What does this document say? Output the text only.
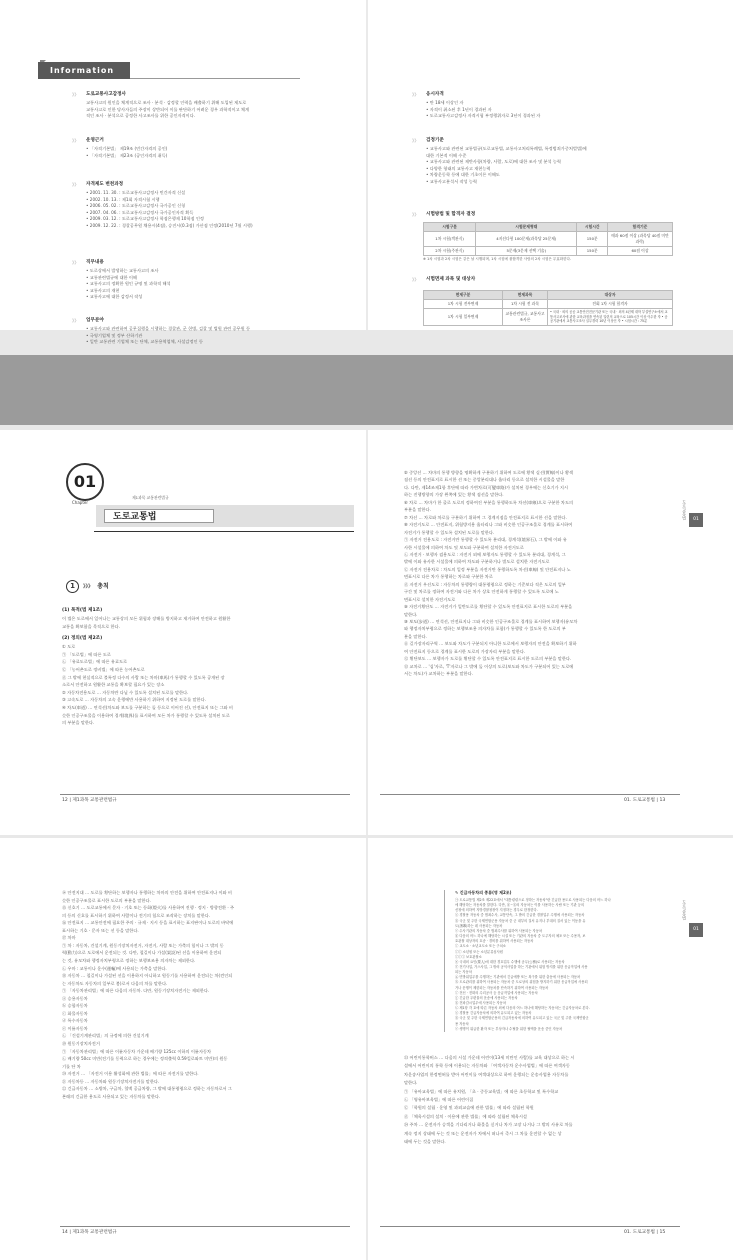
Information
》》 도로교통사고감정사
교통사고의 원인을 체계적으로 조사 · 분석 · 감정할 인력을 배출하기 위해 도입된 제도로
교통사고로 인한 당사자들의 주장이 상반되어 이를 판단하기 어려운 경우 과학적이고 체계
적인 조사 · 분석으로 공정한 사고조사를 위한 공인자격이다.
》》 운영근거
• 「자격기본법」 제19조 (민간자격의 공인)
• 「자격기본법」 제23조 (공인자격의 취득)
》》 자격제도 변천과정
• 2001. 11. 30. : 도로교통사고감정사 민간자격 신설
• 2002. 10. 13. : 제1회 자격시험 시행
• 2006. 05. 02. : 도로교통사고감정사 국가공인 신청
• 2007. 04. 06. : 도로교통사고감정사 국가공인자격 획득
• 2009. 03. 12. : 도로교통사고감정사 학점은행제 10학점 인정
• 2009. 12. 22. : 경찰공무원 채용시(4점), 승진시(0.3점) 가산점 인정(2010년 7월 시행)
》》 직무내용
• 도로상에서 발생하는 교통사고의 조사
• 교통관련법규에 대한 이해
• 교통사고의 정확한 원인 규명 및 과학적 해석
• 교통사고의 재현
• 교통사고에 대한 감정서 작성
》》 업무분야
• 교통사고와 관련하여 공무집행을 시행하는 경찰관, 군 헌병, 검찰 및 법원 관련 공무원 등
• 국영기업체 및 정부 산하기관
• 일반 교통관련 기업체 또는 단체, 교통용역업체, 사설감정인 등
》》 응시자격
• 만 18세 이상인 자
• 자격이 취소된 후 1년이 경과된 자
• 도로교통사고감정사 자격시험 부정행위자로 3년이 경과된 자
》》 검정기준
• 교통사고와 관련된 교통법규(도로교통법, 교통사고처리특례법, 특정범죄가중처벌법)에
대한 기본적 이해 수준
• 교통사고와 관련된 제반사항(차량, 사람, 도로)에 대한 조사 및 분석 능력
• 다양한 형태의 교통사고 재현능력
• 차량운동학 등에 대한 기초이론 이해도
• 교통사고분석서 작성 능력
》》 시험방법 및 합격자 결정
》》 시험면제 과목 및 대상자
시험구분	시험문제형태	시험시간	합격기준
1차 시험(객관식)	4지선다형 100문제(과목당 25문제)	150분	매과 60점 이상 (과목당 40점 미만 과락)
2차 시험(주관식)	5문제(3문제 선택 기술)	150분	60점 이상
※ 1차 시험과 2차 시험은 같은 날 시행되며, 1차 시험에 불합격한 사람의 2차 시험은 무효화한다.
면제구분	면제과목	대상자
1차 시험 전부면제	1차 시험 전 과목	전회 1차 시험 합격자
1차 시험 일부면제	교통관련법규, 교통사고조사론	• 국내 · 외의 공공 교통안전전문기관 또는 국내 · 외의 4년제 대학 부설연구소에서 교통사고조사에 관한 교육과정을 연속된 일련의 교육으로 105시간 이상 이수한 자 • 공공기관에서 교통사고조사 실무경력 10년 이상인 자 • 시험시간 : 75분
01
Chapter
제1과목 교통관련법규
도로교통법
1	》》》 총칙
(1) 목적(법 제1조)
이 법은 도로에서 일어나는 교통상의 모든 위험과 장해를 방지하고 제거하여 안전하고 원활한
교통을 확보함을 목적으로 한다.
(2) 정의(법 제2조)
① 도로
㉠ 「도로법」에 따른 도로
㉡ 「유료도로법」에 따른 유료도로
㉢ 「농어촌도로 정비법」에 따른 농어촌도로
㉣ 그 밖에 현실적으로 불특정 다수의 사람 또는 차마(車馬)가 통행할 수 있도록 공개된 장
소로서 안전하고 원활한 교통을 확보할 필요가 있는 장소
② 자동차전용도로 … 자동차만 다닐 수 있도록 설치된 도로를 말한다.
③ 고속도로 … 자동차의 고속 운행에만 사용하기 위하여 지정된 도로를 말한다.
④ 차도(車道) … 연석선(차도와 보도를 구분하는 돌 등으로 이어진 선), 안전표지 또는 그와 비
슷한 인공구조물을 이용하여 경계(境界)를 표시하여 모든 차가 통행할 수 있도록 설치된 도로
의 부분을 말한다.
⑤ 중앙선 … 차마의 통행 방향을 명확하게 구분하기 위하여 도로에 황색 실선(實線)이나 황색
점선 등의 안전표지로 표시한 선 또는 중앙분리대나 울타리 등으로 설치한 시설물을 말한
다. 다만, 제14조제1항 후단에 따라 가변차로(可變車路)가 설치된 경우에는 신호기가 지시
하는 진행방향의 가장 왼쪽에 있는 황색 점선을 말한다.
⑥ 차로 … 차마가 한 줄로 도로의 정하여진 부분을 통행하도록 차선(車線)으로 구분한 차도의
부분을 말한다.
⑦ 차선 … 차로와 차로를 구분하기 위하여 그 경계지점을 안전표지로 표시한 선을 말한다.
⑧ 자전거도로 … 안전표지, 위험방지용 울타리나 그와 비슷한 인공구조물로 경계를 표시하여
자전거가 통행할 수 있도록 설치된 도로를 말한다.
㉠ 자전거 전용도로 : 자전거만 통행할 수 있도록 분리대, 경계석(境界石), 그 밖에 이와 유
사한 시설물에 의하여 차도 및 보도와 구분하여 설치한 자전거도로
㉡ 자전거 · 보행자 겸용도로 : 자전거 외에 보행자도 통행할 수 있도록 분리대, 경계석, 그
밖에 이와 유사한 시설물에 의하여 차도와 구분하거나 별도로 설치한 자전거도로
㉢ 자전거 전용차로 : 차도의 일정 부분을 자전거만 통행하도록 차선(車線) 및 안전표지나 노
면표시로 다른 차가 통행하는 차로와 구분한 차로
㉣ 자전거 우선도로 : 자동차의 통행량이 대통령령으로 정하는 기준보다 적은 도로의 일부
구간 및 차로를 정하여 자전거와 다른 차가 상호 안전하게 통행할 수 있도록 도로에 노
면표시로 설치한 자전거도로
⑨ 자전거횡단도 … 자전거가 일반도로를 횡단할 수 있도록 안전표지로 표시한 도로의 부분을
말한다.
⑩ 보도(步道) … 연석선, 안전표지나 그와 비슷한 인공구조물로 경계를 표시하여 보행자(유모차
와 행정자치부령으로 정하는 보행보조용 의자차를 포함)가 통행할 수 있도록 한 도로의 부
분을 말한다.
⑪ 길가장자리구역 … 보도와 차도가 구분되지 아니한 도로에서 보행자의 안전을 확보하기 위하
여 안전표지 등으로 경계를 표시한 도로의 가장자리 부분을 말한다.
⑫ 횡단보도 … 보행자가 도로를 횡단할 수 있도록 안전표지로 표시한 도로의 부분을 말한다.
⑬ 교차로 … '십'자로, 'T'자로나 그 밖에 둘 이상의 도로(보도와 차도가 구분되어 있는 도로에
서는 차도)가 교차하는 부분을 말한다.
01
도로교통법
12 | 제1과목 교통관련법규	01. 도로교통법 | 13
⑭ 안전지대 … 도로를 횡단하는 보행자나 통행하는 차마의 안전을 위하여 안전표지나 이와 비
슷한 인공구조물로 표시한 도로의 부분을 말한다.
⑮ 신호기 … 도로교통에서 문자 · 기호 또는 등화(燈火)를 사용하여 진행 · 정지 · 방향전환 · 주
의 등의 신호를 표시하기 위하여 사람이나 전기의 힘으로 조작하는 장치를 말한다.
⑯ 안전표지 … 교통안전에 필요한 주의 · 규제 · 지시 등을 표시하는 표지판이나 도로의 바닥에
표시하는 기호 · 문자 또는 선 등을 말한다.
⑰ 차마
㉠ 차 : 자동차, 건설기계, 원동기장치자전거, 자전거, 사람 또는 가축의 힘이나 그 밖의 동
력(動力)으로 도로에서 운전되는 것. 다만, 철길이나 가설(架設)된 선을 이용하여 운전되
는 것, 유모차와 행정자치부령으로 정하는 보행보조용 의자차는 제외한다.
㉡ 우마 : 교통이나 운수(運輸)에 사용되는 가축을 말한다.
⑱ 자동차 … 철길이나 가설된 선을 이용하지 아니하고 원동기를 사용하여 운전되는 차(견인되
는 자동차도 자동차의 일부로 봄)로서 다음의 차를 말한다.
㉠ 「자동차관리법」에 따른 다음의 자동차. 다만, 원동기장치자전거는 제외한다.
ⓐ 승용자동차
ⓑ 승합자동차
ⓒ 화물자동차
ⓓ 특수자동차
ⓔ 이륜자동차
㉡ 「건설기계관리법」의 규정에 의한 건설기계
⑲ 원동기장치자전거
㉠ 「자동차관리법」에 따른 이륜자동차 가운데 배기량 125cc 이하의 이륜자동차
㉡ 배기량 50cc 미만(전기를 동력으로 하는 경우에는 정격출력 0.59킬로와트 미만)의 원동
기를 단 차
⑳ 자전거 … 「자전거 이용 활성화에 관한 법률」에 따른 자전거를 말한다.
㉑ 자동차등 … 자동차와 원동기장치자전거를 말한다.
㉒ 긴급자동차 … 소방차, 구급차, 혈액 공급차량, 그 밖에 대통령령으로 정하는 자동차로서 그
본래의 긴급한 용도로 사용되고 있는 자동차를 말한다.
✎ 긴급자동차의 종류(영 제2조)
㉠ 도로교통법 제2조 제22호에서 "대통령령으로 정하는 자동차"란 긴급한 용도로 사용되는 다음의 어느 하나
에 해당하는 자동차를 말한다. 다만, ⓓ~ⓚ의 자동차는 이를 사용하는 사람 또는 기관 등의
신청에 의하여 지방경찰청장이 지정하는 경우로 한정한다.
ⓐ 경찰용 자동차 중 범죄수사, 교통단속, 그 밖의 긴급한 경찰업무 수행에 사용되는 자동차
ⓑ 국군 및 주한 국제연합군용 자동차 중 군 내부의 질서 유지나 부대의 질서 있는 이동을 유
도(誘導)하는 데 사용되는 자동차
ⓒ 수사기관의 자동차 중 범죄수사를 위하여 사용되는 자동차
ⓓ 다음의 어느 하나에 해당하는 시설 또는 기관의 자동차 중 도주자의 체포 또는 수용자, 보
호관찰 대상자의 호송 · 경비를 위하여 사용되는 자동차
ⓘ 교도소 · 소년교도소 또는 구치소
ⓘⓘ 소년원 또는 소년분류심사원
ⓘⓘⓘ 보호관찰소
ⓔ 국내외 요인(要人)에 대한 경호업무 수행에 공무(公務)로 사용되는 자동차
ⓕ 전기사업, 가스사업, 그 밖의 공익사업을 하는 기관에서 위험 방지를 위한 응급작업에 사용
되는 자동차
ⓖ 민방위업무를 수행하는 기관에서 긴급예방 또는 복구를 위한 출동에 사용되는 자동차
ⓗ 도로관리를 위하여 사용되는 자동차 중 도로상의 위험을 방지하기 위한 응급작업에 사용되
거나 운행이 제한되는 자동차를 단속하기 위하여 사용되는 자동차
ⓘ 전신 · 전화의 수리공사 등 응급작업에 사용되는 자동차
ⓙ 긴급한 우편물의 운송에 사용되는 자동차
ⓚ 전파감시업무에 사용되는 자동차
㉡ 제1항 각 호에 따른 자동차 외에 다음의 어느 하나에 해당하는 자동차는 긴급자동차로 본다.
ⓐ 경찰용 긴급자동차에 의하여 유도되고 있는 자동차
ⓑ 국군 및 주한 국제연합군용의 긴급자동차에 의하여 유도되고 있는 국군 및 주한 국제연합군
용 자동차
ⓒ 생명이 위급한 환자 또는 부상자나 수혈을 위한 혈액을 운송 중인 자동차
㉓ 어린이통학버스 … 다음의 시설 가운데 어린이(13세 미만인 사람)를 교육 대상으로 하는 시
설에서 어린이의 통학 등에 이용되는 자동차와 「여객자동차 운수사업법」에 따른 여객자동
차운송사업의 한정면허를 받아 어린이를 여객대상으로 하여 운행되는 운송사업용 자동차를
말한다.
㉠ 「유아교육법」에 따른 유치원, 「초 · 중등교육법」에 따른 초등학교 및 특수학교
㉡ 「영유아보육법」에 따른 어린이집
㉢ 「학원의 설립 · 운영 및 과외교습에 관한 법률」에 따라 설립된 학원
㉣ 「체육시설의 설치 · 이용에 관한 법률」에 따라 설립된 체육시설
㉔ 주차 … 운전자가 승객을 기다리거나 화물을 싣거나 차가 고장 나거나 그 밖의 사유로 차를
계속 정지 상태에 두는 것 또는 운전자가 차에서 떠나서 즉시 그 차를 운전할 수 없는 상
태에 두는 것을 말한다.
01
도로교통법
14 | 제1과목 교통관련법규	01. 도로교통법 | 15
